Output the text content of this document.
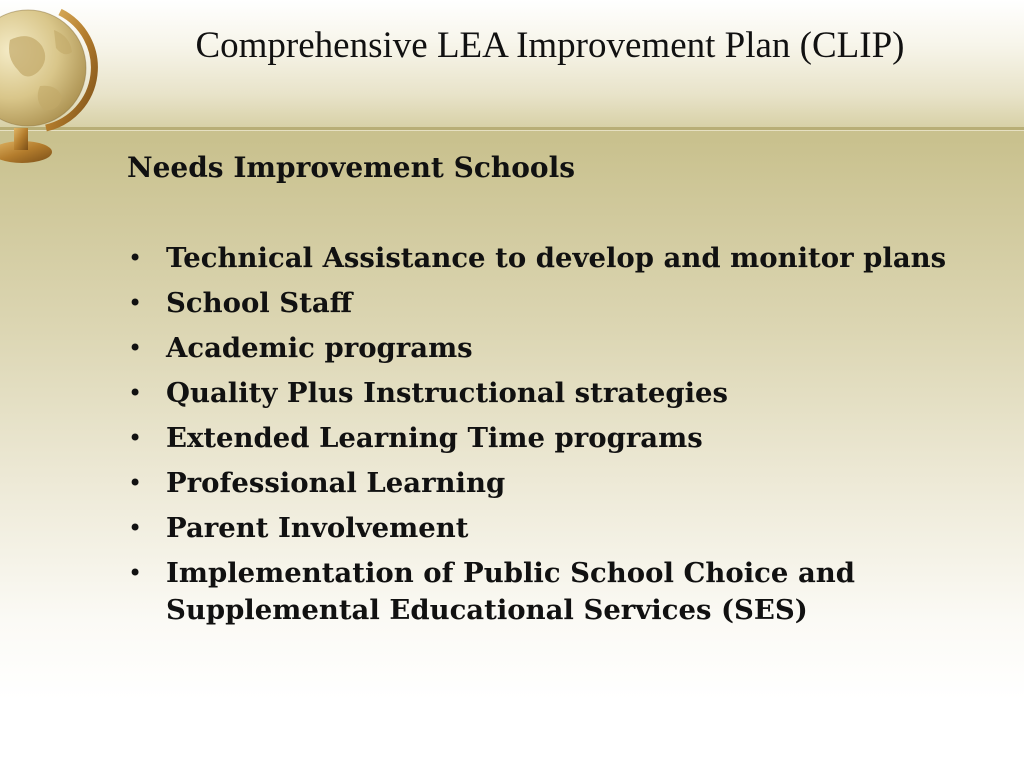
Comprehensive LEA Improvement Plan (CLIP)
Needs Improvement Schools
• Technical Assistance to develop and monitor plans
• School Staff
• Academic programs
• Quality Plus Instructional strategies
• Extended Learning Time programs
• Professional Learning
• Parent Involvement
• Implementation of Public School Choice and Supplemental Educational Services (SES)
